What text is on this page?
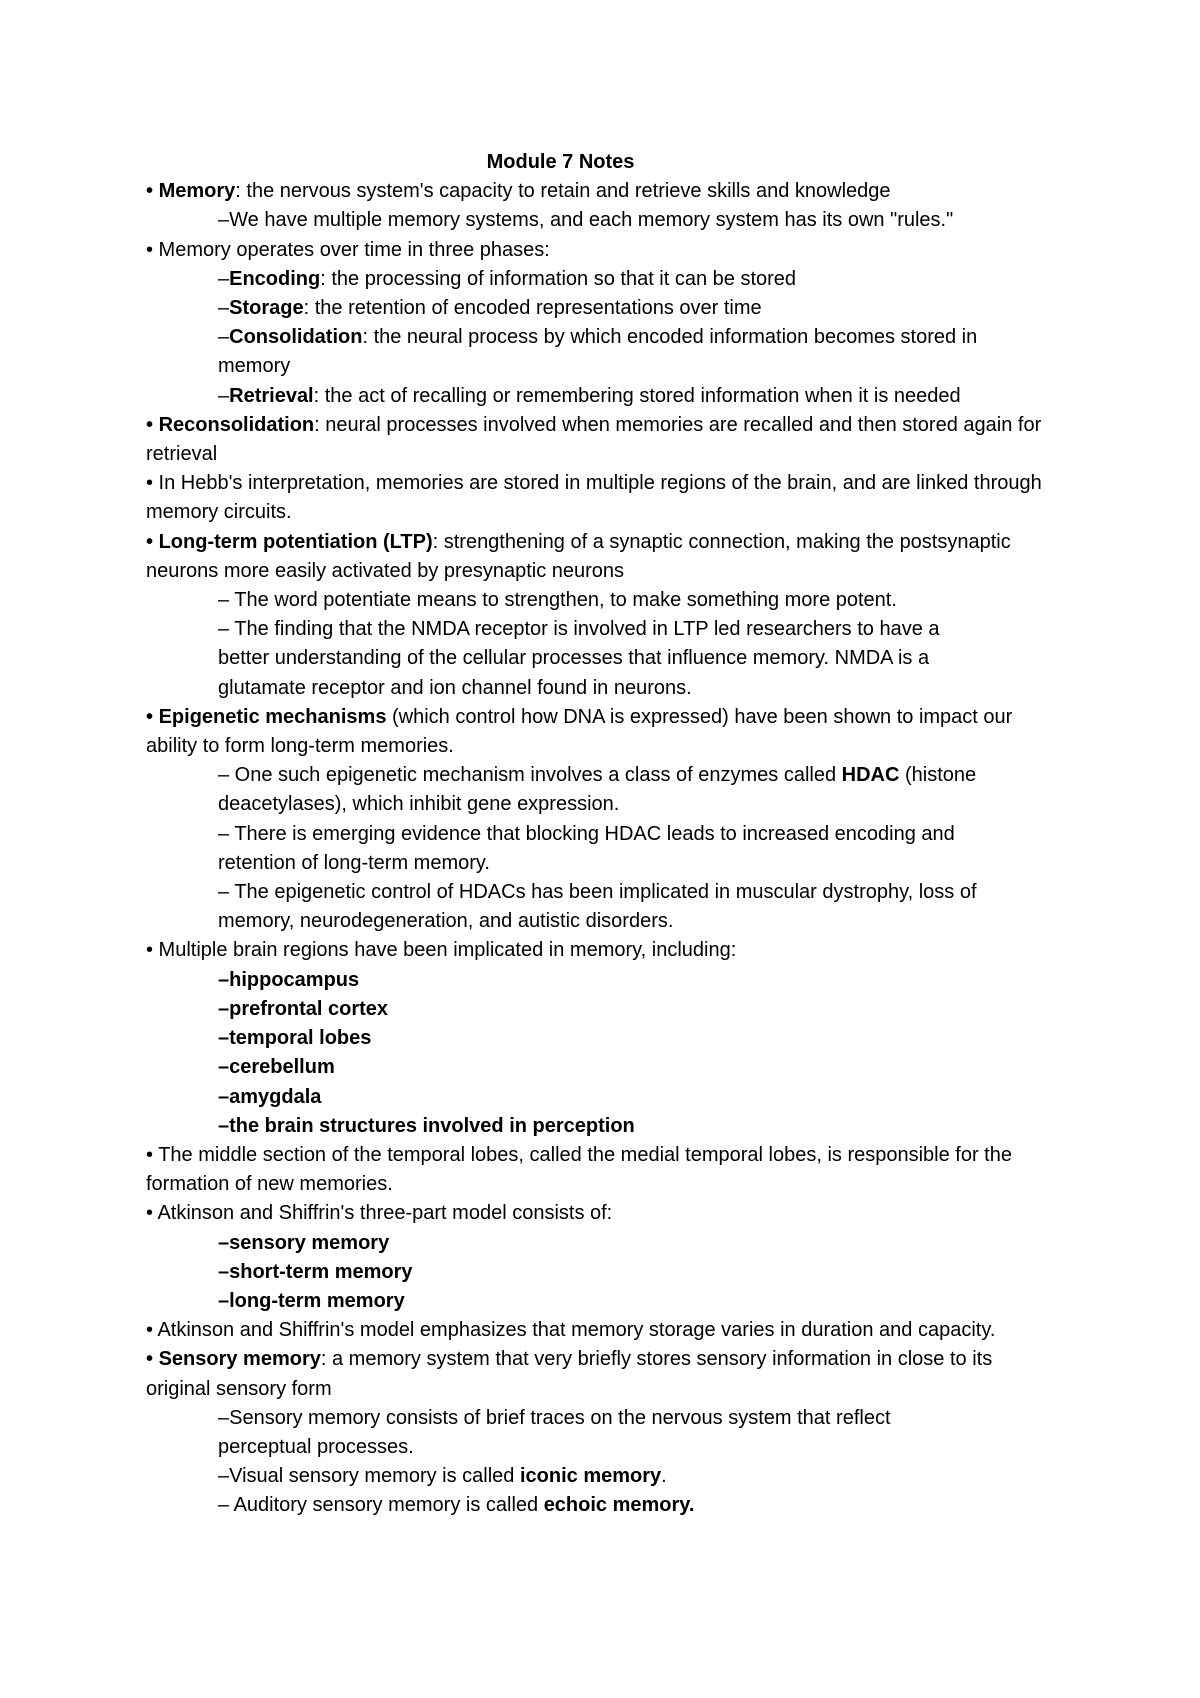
Module 7 Notes
• Memory: the nervous system's capacity to retain and retrieve skills and knowledge
–We have multiple memory systems, and each memory system has its own "rules."
• Memory operates over time in three phases:
–Encoding: the processing of information so that it can be stored
–Storage: the retention of encoded representations over time
–Consolidation: the neural process by which encoded information becomes stored in memory
–Retrieval: the act of recalling or remembering stored information when it is needed
• Reconsolidation: neural processes involved when memories are recalled and then stored again for retrieval
• In Hebb's interpretation, memories are stored in multiple regions of the brain, and are linked through memory circuits.
• Long-term potentiation (LTP): strengthening of a synaptic connection, making the postsynaptic neurons more easily activated by presynaptic neurons
– The word potentiate means to strengthen, to make something more potent.
– The finding that the NMDA receptor is involved in LTP led researchers to have a better understanding of the cellular processes that influence memory. NMDA is a glutamate receptor and ion channel found in neurons.
• Epigenetic mechanisms (which control how DNA is expressed) have been shown to impact our ability to form long-term memories.
– One such epigenetic mechanism involves a class of enzymes called HDAC (histone deacetylases), which inhibit gene expression.
– There is emerging evidence that blocking HDAC leads to increased encoding and retention of long-term memory.
– The epigenetic control of HDACs has been implicated in muscular dystrophy, loss of memory, neurodegeneration, and autistic disorders.
• Multiple brain regions have been implicated in memory, including:
–hippocampus
–prefrontal cortex
–temporal lobes
–cerebellum
–amygdala
–the brain structures involved in perception
• The middle section of the temporal lobes, called the medial temporal lobes, is responsible for the formation of new memories.
• Atkinson and Shiffrin's three-part model consists of:
–sensory memory
–short-term memory
–long-term memory
• Atkinson and Shiffrin's model emphasizes that memory storage varies in duration and capacity.
• Sensory memory: a memory system that very briefly stores sensory information in close to its original sensory form
–Sensory memory consists of brief traces on the nervous system that reflect perceptual processes.
–Visual sensory memory is called iconic memory.
– Auditory sensory memory is called echoic memory.
